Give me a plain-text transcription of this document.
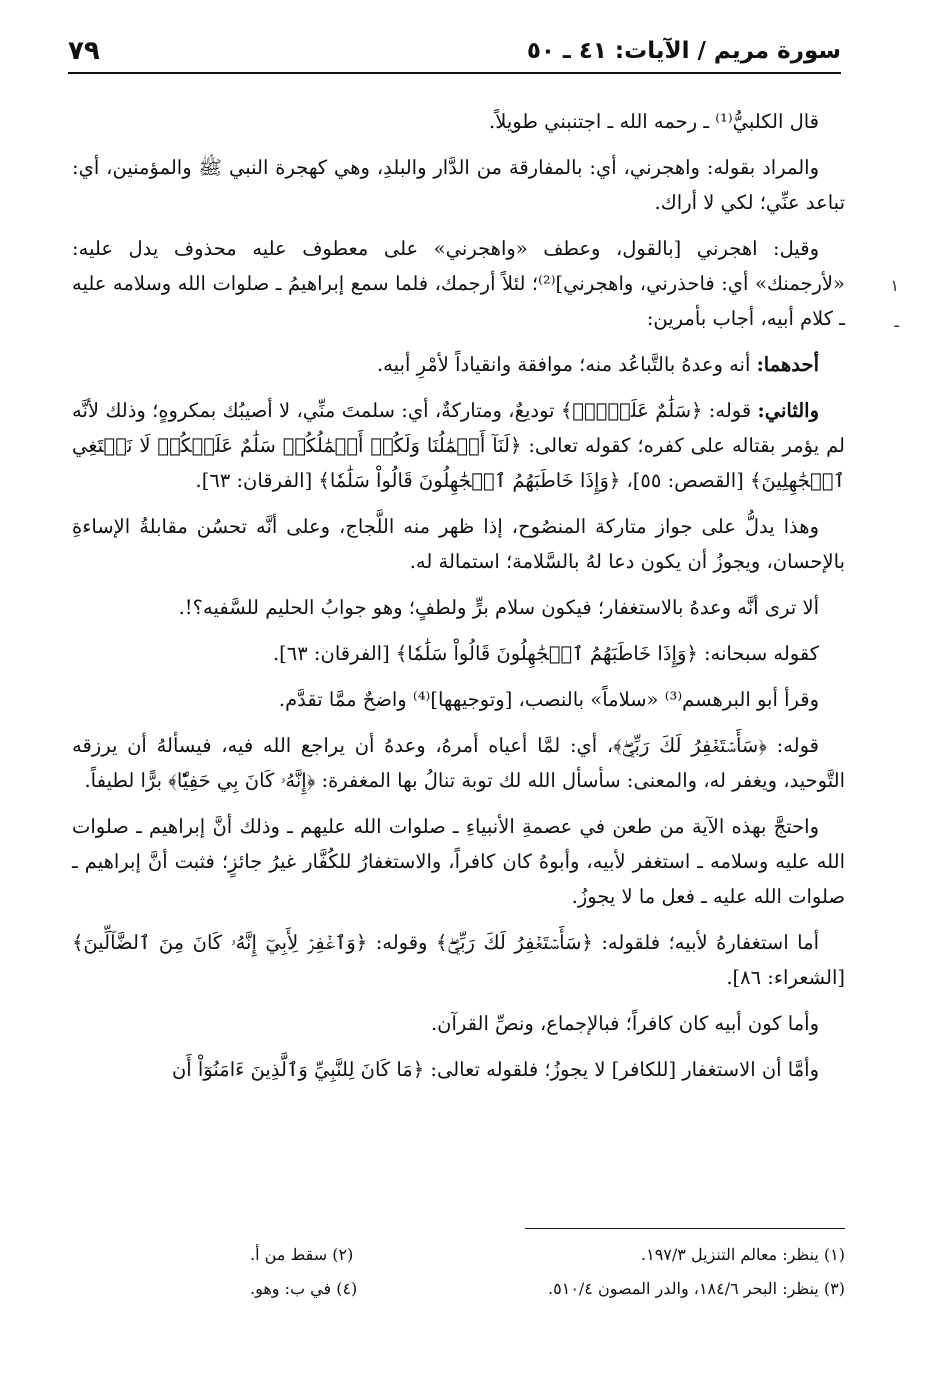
سورة مريم / الآيات: ٤١ ـ ٥٠
٧٩
١
ـ

قال الكلبيُّ⁽¹⁾ ـ رحمه الله ـ اجتنبني طويلاً.

والمراد بقوله: واهجرني، أي: بالمفارقة من الدَّار والبلدِ، وهي كهجرة النبي ﷺ والمؤمنين، أي: تباعد عنِّي؛ لكي لا أراك.

وقيل: اهجرني [بالقول، وعطف «واهجرني» على معطوف عليه محذوف يدل عليه: «لأرجمنك» أي: فاحذرني، واهجرني]⁽²⁾؛ لئلاً أرجمك، فلما سمع إبراهيمُ ـ صلوات الله وسلامه عليه ـ كلام أبيه، أجاب بأمرين:

أحدهما: أنه وعدهُ بالتَّباعُد منه؛ موافقة وانقياداً لأمْرِ أبيه.

والثاني: قوله: ﴿سَلَٰمٌ عَلَيۡكَۖ﴾ توديعٌ، ومتاركةٌ، أي: سلمتَ منِّي، لا أصيبُك بمكروهٍ؛ وذلك لأنَّه لم يؤمر بقتاله على كفره؛ كقوله تعالى: ﴿لَنَآ أَعۡمَٰلُنَا وَلَكُمۡ أَعۡمَٰلُكُمۡ سَلَٰمٌ عَلَيۡكُمۡ لَا نَبۡتَغِي ٱلۡجَٰهِلِينَ﴾ [القصص: ٥٥]، ﴿وَإِذَا خَاطَبَهُمُ ٱلۡجَٰهِلُونَ قَالُواْ سَلَٰمٗا﴾ [الفرقان: ٦٣].

وهذا يدلُّ على جواز متاركة المنصُوح، إذا ظهر منه اللَّجاج، وعلى أنَّه تحسُن مقابلةُ الإساءةِ بالإحسان، ويجوزُ أن يكون دعا لهُ بالسَّلامة؛ استمالة له.

ألا ترى أنَّه وعدهُ بالاستغفار؛ فيكون سلام برٍّ ولطفٍ؛ وهو جوابُ الحليم للسَّفيه؟!.

كقوله سبحانه: ﴿وَإِذَا خَاطَبَهُمُ ٱلۡجَٰهِلُونَ قَالُواْ سَلَٰمٗا﴾ [الفرقان: ٦٣].

وقرأ أبو البرهسم⁽³⁾ «سلاماً» بالنصب، [وتوجيهها]⁽⁴⁾ واضحٌ ممَّا تقدَّم.

قوله: ﴿سَأَسۡتَغۡفِرُ لَكَ رَبِّيٓۖ﴾، أي: لمَّا أعياه أمرهُ، وعدهُ أن يراجع الله فيه، فيسألهُ أن يرزقه التَّوحيد، ويغفر له، والمعنى: سأسأل الله لك توبة تنالُ بها المغفرة: ﴿إِنَّهُۥ كَانَ بِي حَفِيّٗا﴾ برًّا لطيفاً.

واحتجَّ بهذه الآية من طعن في عصمةِ الأنبياءِ ـ صلوات الله عليهم ـ وذلك أنَّ إبراهيم ـ صلوات الله عليه وسلامه ـ استغفر لأبيه، وأبوهُ كان كافراً، والاستغفارُ للكُفَّار غيرُ جائزٍ؛ فثبت أنَّ إبراهيم ـ صلوات الله عليه ـ فعل ما لا يجوزُ.

أما استغفارهُ لأبيه؛ فلقوله: ﴿سَأَسۡتَغۡفِرُ لَكَ رَبِّيٓۖ﴾ وقوله: ﴿وَٱغۡفِرۡ لِأَبِيٓ إِنَّهُۥ كَانَ مِنَ ٱلضَّآلِّينَ﴾ [الشعراء: ٨٦].

وأما كون أبيه كان كافراً؛ فبالإجماع، ونصِّ القرآن.

وأمَّا أن الاستغفار [للكافر] لا يجوزُ؛ فلقوله تعالى: ﴿مَا كَانَ لِلنَّبِيِّ وَٱلَّذِينَ ءَامَنُوٓاْ أَن

(١) ينظر: معالم التنزيل ١٩٧/٣.
(٢) سقط من أ.
(٣) ينظر: البحر ١٨٤/٦، والدر المصون ٥١٠/٤.
(٤) في ب: وهو.
